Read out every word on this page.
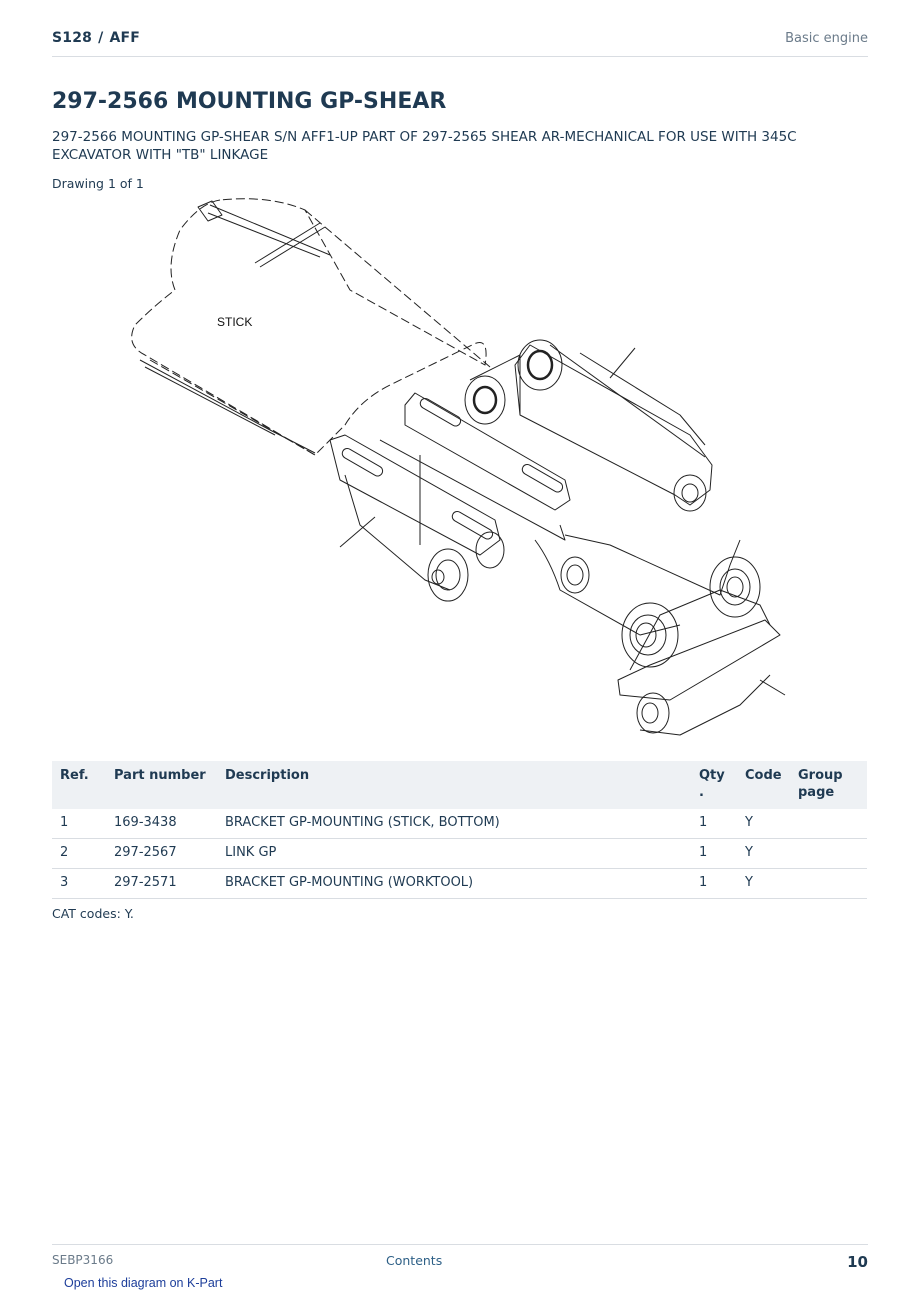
S128 / AFF	Basic engine
297-2566 MOUNTING GP-SHEAR
297-2566 MOUNTING GP-SHEAR S/N AFF1-UP PART OF 297-2565 SHEAR AR-MECHANICAL FOR USE WITH 345C EXCAVATOR WITH "TB" LINKAGE
Drawing 1 of 1
STICK
Ref.	Part number	Description	Qty .	Code	Group page
1	169-3438	BRACKET GP-MOUNTING (STICK, BOTTOM)	1	Y	
2	297-2567	LINK GP	1	Y	
3	297-2571	BRACKET GP-MOUNTING (WORKTOOL)	1	Y	
CAT codes: Y.
SEBP3166	Contents	10
Open this diagram on K-Part
